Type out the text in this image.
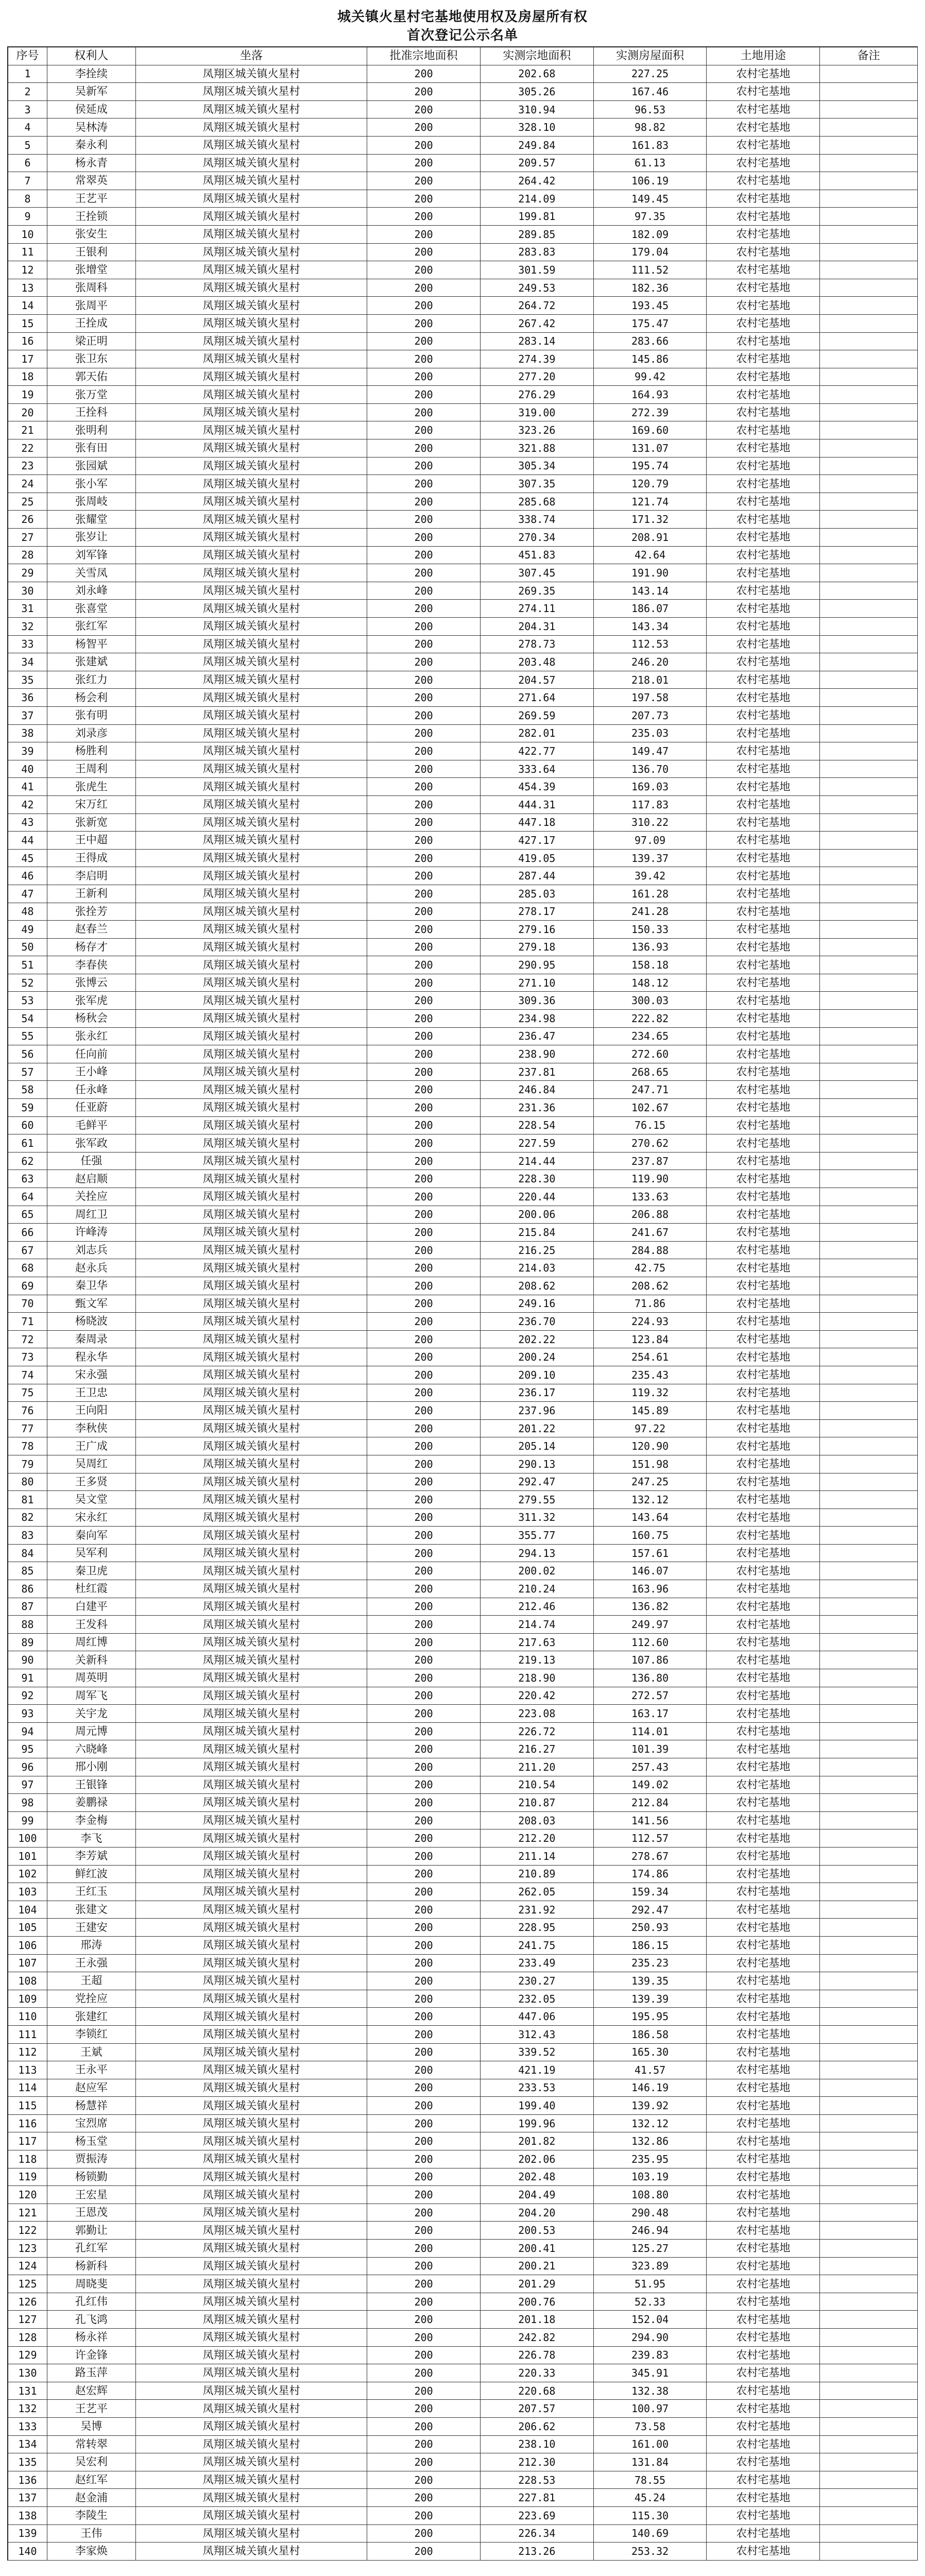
城关镇火星村宅基地使用权及房屋所有权
首次登记公示名单
序号	权利人	坐落	批准宗地面积	实测宗地面积	实测房屋面积	土地用途	备注
1	李拴续	凤翔区城关镇火星村	200	202.68	227.25	农村宅基地
2	吴新军	凤翔区城关镇火星村	200	305.26	167.46	农村宅基地
3	侯延成	凤翔区城关镇火星村	200	310.94	96.53	农村宅基地
4	吴林涛	凤翔区城关镇火星村	200	328.10	98.82	农村宅基地
5	秦永利	凤翔区城关镇火星村	200	249.84	161.83	农村宅基地
6	杨永青	凤翔区城关镇火星村	200	209.57	61.13	农村宅基地
7	常翠英	凤翔区城关镇火星村	200	264.42	106.19	农村宅基地
8	王艺平	凤翔区城关镇火星村	200	214.09	149.45	农村宅基地
9	王拴锁	凤翔区城关镇火星村	200	199.81	97.35	农村宅基地
10	张安生	凤翔区城关镇火星村	200	289.85	182.09	农村宅基地
11	王银利	凤翔区城关镇火星村	200	283.83	179.04	农村宅基地
12	张增堂	凤翔区城关镇火星村	200	301.59	111.52	农村宅基地
13	张周科	凤翔区城关镇火星村	200	249.53	182.36	农村宅基地
14	张周平	凤翔区城关镇火星村	200	264.72	193.45	农村宅基地
15	王拴成	凤翔区城关镇火星村	200	267.42	175.47	农村宅基地
16	梁正明	凤翔区城关镇火星村	200	283.14	283.66	农村宅基地
17	张卫东	凤翔区城关镇火星村	200	274.39	145.86	农村宅基地
18	郭天佑	凤翔区城关镇火星村	200	277.20	99.42	农村宅基地
19	张万堂	凤翔区城关镇火星村	200	276.29	164.93	农村宅基地
20	王拴科	凤翔区城关镇火星村	200	319.00	272.39	农村宅基地
21	张明利	凤翔区城关镇火星村	200	323.26	169.60	农村宅基地
22	张有田	凤翔区城关镇火星村	200	321.88	131.07	农村宅基地
23	张园斌	凤翔区城关镇火星村	200	305.34	195.74	农村宅基地
24	张小军	凤翔区城关镇火星村	200	307.35	120.79	农村宅基地
25	张周岐	凤翔区城关镇火星村	200	285.68	121.74	农村宅基地
26	张耀堂	凤翔区城关镇火星村	200	338.74	171.32	农村宅基地
27	张岁让	凤翔区城关镇火星村	200	270.34	208.91	农村宅基地
28	刘军锋	凤翔区城关镇火星村	200	451.83	42.64	农村宅基地
29	关雪凤	凤翔区城关镇火星村	200	307.45	191.90	农村宅基地
30	刘永峰	凤翔区城关镇火星村	200	269.35	143.14	农村宅基地
31	张喜堂	凤翔区城关镇火星村	200	274.11	186.07	农村宅基地
32	张红军	凤翔区城关镇火星村	200	204.31	143.34	农村宅基地
33	杨智平	凤翔区城关镇火星村	200	278.73	112.53	农村宅基地
34	张建斌	凤翔区城关镇火星村	200	203.48	246.20	农村宅基地
35	张红力	凤翔区城关镇火星村	200	204.57	218.01	农村宅基地
36	杨会利	凤翔区城关镇火星村	200	271.64	197.58	农村宅基地
37	张有明	凤翔区城关镇火星村	200	269.59	207.73	农村宅基地
38	刘录彦	凤翔区城关镇火星村	200	282.01	235.03	农村宅基地
39	杨胜利	凤翔区城关镇火星村	200	422.77	149.47	农村宅基地
40	王周利	凤翔区城关镇火星村	200	333.64	136.70	农村宅基地
41	张虎生	凤翔区城关镇火星村	200	454.39	169.03	农村宅基地
42	宋万红	凤翔区城关镇火星村	200	444.31	117.83	农村宅基地
43	张新宽	凤翔区城关镇火星村	200	447.18	310.22	农村宅基地
44	王中超	凤翔区城关镇火星村	200	427.17	97.09	农村宅基地
45	王得成	凤翔区城关镇火星村	200	419.05	139.37	农村宅基地
46	李启明	凤翔区城关镇火星村	200	287.44	39.42	农村宅基地
47	王新利	凤翔区城关镇火星村	200	285.03	161.28	农村宅基地
48	张拴芳	凤翔区城关镇火星村	200	278.17	241.28	农村宅基地
49	赵春兰	凤翔区城关镇火星村	200	279.16	150.33	农村宅基地
50	杨存才	凤翔区城关镇火星村	200	279.18	136.93	农村宅基地
51	李春侠	凤翔区城关镇火星村	200	290.95	158.18	农村宅基地
52	张博云	凤翔区城关镇火星村	200	271.10	148.12	农村宅基地
53	张军虎	凤翔区城关镇火星村	200	309.36	300.03	农村宅基地
54	杨秋会	凤翔区城关镇火星村	200	234.98	222.82	农村宅基地
55	张永红	凤翔区城关镇火星村	200	236.47	234.65	农村宅基地
56	任向前	凤翔区城关镇火星村	200	238.90	272.60	农村宅基地
57	王小峰	凤翔区城关镇火星村	200	237.81	268.65	农村宅基地
58	任永峰	凤翔区城关镇火星村	200	246.84	247.71	农村宅基地
59	任亚蔚	凤翔区城关镇火星村	200	231.36	102.67	农村宅基地
60	毛鲜平	凤翔区城关镇火星村	200	228.54	76.15	农村宅基地
61	张军政	凤翔区城关镇火星村	200	227.59	270.62	农村宅基地
62	任强	凤翔区城关镇火星村	200	214.44	237.87	农村宅基地
63	赵启顺	凤翔区城关镇火星村	200	228.30	119.90	农村宅基地
64	关拴应	凤翔区城关镇火星村	200	220.44	133.63	农村宅基地
65	周红卫	凤翔区城关镇火星村	200	200.06	206.88	农村宅基地
66	许峰涛	凤翔区城关镇火星村	200	215.84	241.67	农村宅基地
67	刘志兵	凤翔区城关镇火星村	200	216.25	284.88	农村宅基地
68	赵永兵	凤翔区城关镇火星村	200	214.03	42.75	农村宅基地
69	秦卫华	凤翔区城关镇火星村	200	208.62	208.62	农村宅基地
70	甄文军	凤翔区城关镇火星村	200	249.16	71.86	农村宅基地
71	杨晓波	凤翔区城关镇火星村	200	236.70	224.93	农村宅基地
72	秦周录	凤翔区城关镇火星村	200	202.22	123.84	农村宅基地
73	程永华	凤翔区城关镇火星村	200	200.24	254.61	农村宅基地
74	宋永强	凤翔区城关镇火星村	200	209.10	235.43	农村宅基地
75	王卫忠	凤翔区城关镇火星村	200	236.17	119.32	农村宅基地
76	王向阳	凤翔区城关镇火星村	200	237.96	145.89	农村宅基地
77	李秋侠	凤翔区城关镇火星村	200	201.22	97.22	农村宅基地
78	王广成	凤翔区城关镇火星村	200	205.14	120.90	农村宅基地
79	吴周红	凤翔区城关镇火星村	200	290.13	151.98	农村宅基地
80	王多贤	凤翔区城关镇火星村	200	292.47	247.25	农村宅基地
81	吴文堂	凤翔区城关镇火星村	200	279.55	132.12	农村宅基地
82	宋永红	凤翔区城关镇火星村	200	311.32	143.64	农村宅基地
83	秦向军	凤翔区城关镇火星村	200	355.77	160.75	农村宅基地
84	吴军利	凤翔区城关镇火星村	200	294.13	157.61	农村宅基地
85	秦卫虎	凤翔区城关镇火星村	200	200.02	146.07	农村宅基地
86	杜红霞	凤翔区城关镇火星村	200	210.24	163.96	农村宅基地
87	白建平	凤翔区城关镇火星村	200	212.46	136.82	农村宅基地
88	王发科	凤翔区城关镇火星村	200	214.74	249.97	农村宅基地
89	周红博	凤翔区城关镇火星村	200	217.63	112.60	农村宅基地
90	关新科	凤翔区城关镇火星村	200	219.13	107.86	农村宅基地
91	周英明	凤翔区城关镇火星村	200	218.90	136.80	农村宅基地
92	周军飞	凤翔区城关镇火星村	200	220.42	272.57	农村宅基地
93	关宇龙	凤翔区城关镇火星村	200	223.08	163.17	农村宅基地
94	周元博	凤翔区城关镇火星村	200	226.72	114.01	农村宅基地
95	六晓峰	凤翔区城关镇火星村	200	216.27	101.39	农村宅基地
96	邢小刚	凤翔区城关镇火星村	200	211.20	257.43	农村宅基地
97	王银锋	凤翔区城关镇火星村	200	210.54	149.02	农村宅基地
98	姜鹏禄	凤翔区城关镇火星村	200	210.87	212.84	农村宅基地
99	李金梅	凤翔区城关镇火星村	200	208.03	141.56	农村宅基地
100	李飞	凤翔区城关镇火星村	200	212.20	112.57	农村宅基地
101	李芳斌	凤翔区城关镇火星村	200	211.14	278.67	农村宅基地
102	鲜红波	凤翔区城关镇火星村	200	210.89	174.86	农村宅基地
103	王红玉	凤翔区城关镇火星村	200	262.05	159.34	农村宅基地
104	张建文	凤翔区城关镇火星村	200	231.92	292.47	农村宅基地
105	王建安	凤翔区城关镇火星村	200	228.95	250.93	农村宅基地
106	邢涛	凤翔区城关镇火星村	200	241.75	186.15	农村宅基地
107	王永强	凤翔区城关镇火星村	200	233.49	235.23	农村宅基地
108	王超	凤翔区城关镇火星村	200	230.27	139.35	农村宅基地
109	党拴应	凤翔区城关镇火星村	200	232.05	139.39	农村宅基地
110	张建红	凤翔区城关镇火星村	200	447.06	195.95	农村宅基地
111	李锁红	凤翔区城关镇火星村	200	312.43	186.58	农村宅基地
112	王斌	凤翔区城关镇火星村	200	339.52	165.30	农村宅基地
113	王永平	凤翔区城关镇火星村	200	421.19	41.57	农村宅基地
114	赵应军	凤翔区城关镇火星村	200	233.53	146.19	农村宅基地
115	杨慧祥	凤翔区城关镇火星村	200	199.40	139.92	农村宅基地
116	宝烈席	凤翔区城关镇火星村	200	199.96	132.12	农村宅基地
117	杨玉堂	凤翔区城关镇火星村	200	201.82	132.86	农村宅基地
118	贾振涛	凤翔区城关镇火星村	200	202.06	235.95	农村宅基地
119	杨锁勤	凤翔区城关镇火星村	200	202.48	103.19	农村宅基地
120	王宏星	凤翔区城关镇火星村	200	204.49	108.80	农村宅基地
121	王恩茂	凤翔区城关镇火星村	200	204.20	290.48	农村宅基地
122	郭勤让	凤翔区城关镇火星村	200	200.53	246.94	农村宅基地
123	孔红军	凤翔区城关镇火星村	200	200.41	125.27	农村宅基地
124	杨新科	凤翔区城关镇火星村	200	200.21	323.89	农村宅基地
125	周晓斐	凤翔区城关镇火星村	200	201.29	51.95	农村宅基地
126	孔红伟	凤翔区城关镇火星村	200	200.76	52.33	农村宅基地
127	孔飞鸿	凤翔区城关镇火星村	200	201.18	152.04	农村宅基地
128	杨永祥	凤翔区城关镇火星村	200	242.82	294.90	农村宅基地
129	许金锋	凤翔区城关镇火星村	200	226.78	239.83	农村宅基地
130	路玉萍	凤翔区城关镇火星村	200	220.33	345.91	农村宅基地
131	赵宏辉	凤翔区城关镇火星村	200	220.68	132.38	农村宅基地
132	王艺平	凤翔区城关镇火星村	200	207.57	100.97	农村宅基地
133	吴博	凤翔区城关镇火星村	200	206.62	73.58	农村宅基地
134	常转翠	凤翔区城关镇火星村	200	238.10	161.00	农村宅基地
135	吴宏利	凤翔区城关镇火星村	200	212.30	131.84	农村宅基地
136	赵红军	凤翔区城关镇火星村	200	228.53	78.55	农村宅基地
137	赵金浦	凤翔区城关镇火星村	200	227.81	45.24	农村宅基地
138	李陵生	凤翔区城关镇火星村	200	223.69	115.30	农村宅基地
139	王伟	凤翔区城关镇火星村	200	226.34	140.69	农村宅基地
140	李家焕	凤翔区城关镇火星村	200	213.26	253.32	农村宅基地
